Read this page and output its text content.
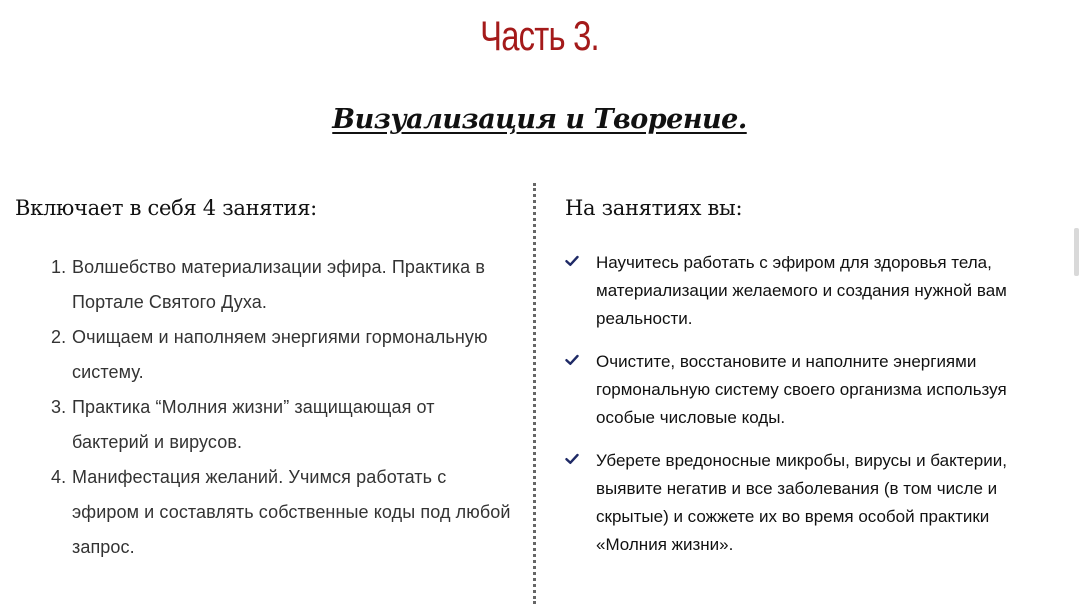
Часть 3.
Визуализация и Творение.
Включает в себя 4 занятия:
1. Волшебство материализации эфира. Практика в Портале Святого Духа.
2. Очищаем и наполняем энергиями гормональную систему.
3. Практика “Молния жизни” защищающая от бактерий и вирусов.
4. Манифестация желаний. Учимся работать с эфиром и составлять собственные коды под любой запрос.
На занятиях вы:
Научитесь работать с эфиром для здоровья тела, материализации желаемого и создания нужной вам реальности.
Очистите, восстановите и наполните энергиями гормональную систему своего организма используя особые числовые коды.
Уберете вредоносные микробы, вирусы и бактерии, выявите негатив и все заболевания (в том числе и скрытые) и сожжете их во время особой практики «Молния жизни».
